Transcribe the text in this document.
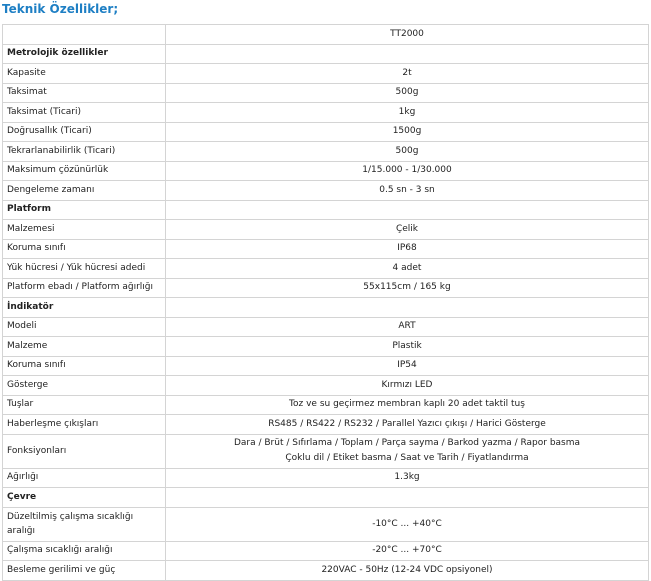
Teknik Özellikler;
	TT2000
Metrolojik özellikler	
Kapasite	2t
Taksimat	500g
Taksimat (Ticari)	1kg
Doğrusallık (Ticari)	1500g
Tekrarlanabilirlik (Ticari)	500g
Maksimum çözünürlük	1/15.000 - 1/30.000
Dengeleme zamanı	0.5 sn - 3 sn
Platform	
Malzemesi	Çelik
Koruma sınıfı	IP68
Yük hücresi / Yük hücresi adedi	4 adet
Platform ebadı / Platform ağırlığı	55x115cm / 165 kg
İndikatör	
Modeli	ART
Malzeme	Plastik
Koruma sınıfı	IP54
Gösterge	Kırmızı LED
Tuşlar	Toz ve su geçirmez membran kaplı 20 adet taktil tuş
Haberleşme çıkışları	RS485 / RS422 / RS232 / Parallel Yazıcı çıkışı / Harici Gösterge
Fonksiyonları	Dara / Brüt / Sıfırlama / Toplam / Parça sayma / Barkod yazma / Rapor basma
Çoklu dil / Etiket basma / Saat ve Tarih / Fiyatlandırma

Ağırlığı	1.3kg
Çevre	
Düzeltilmiş çalışma sıcaklığı aralığı	-10°C ... +40°C
Çalışma sıcaklığı aralığı	-20°C ... +70°C
Besleme gerilimi ve güç	220VAC - 50Hz (12-24 VDC opsiyonel)
